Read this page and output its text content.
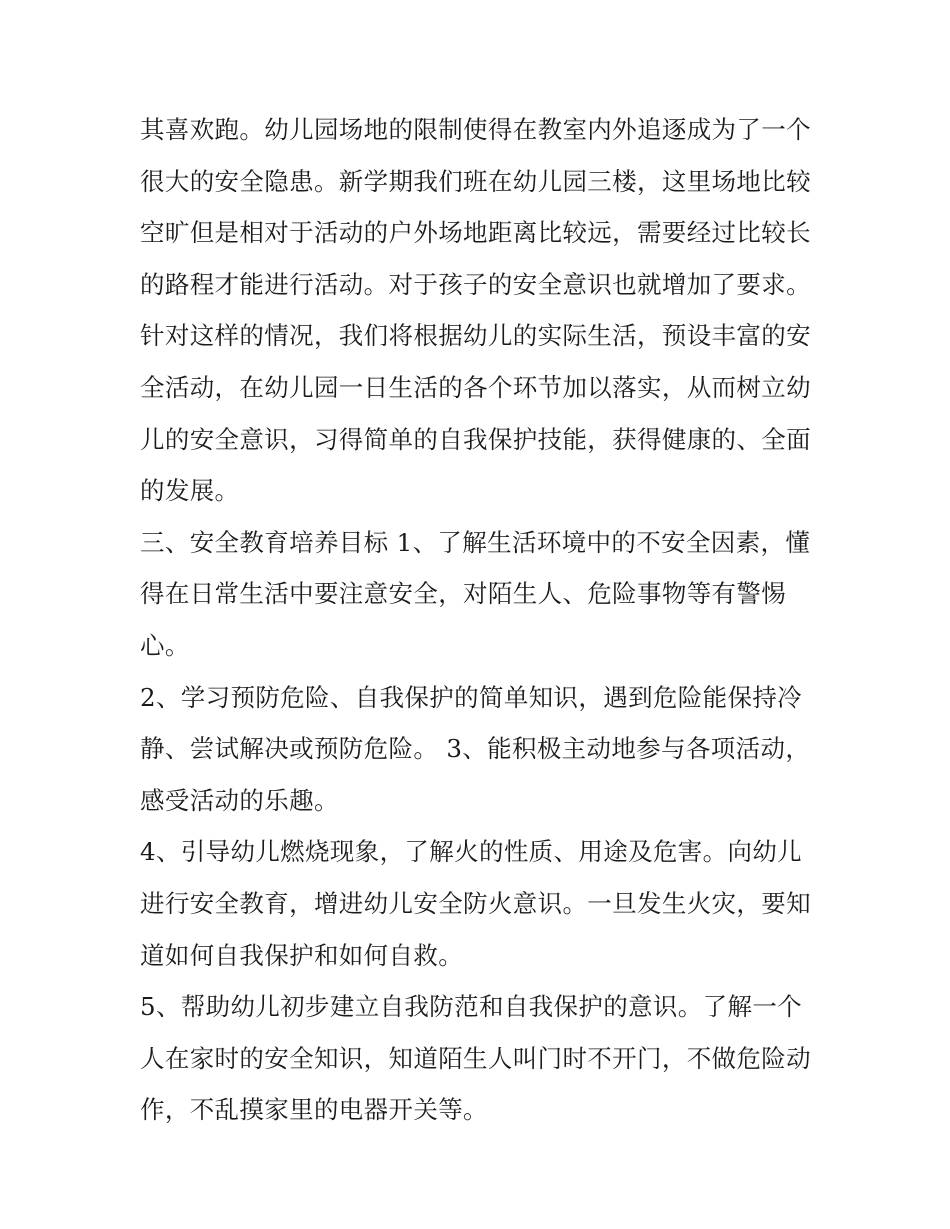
其喜欢跑。幼儿园场地的限制使得在教室内外追逐成为了一个
很大的安全隐患。新学期我们班在幼儿园三楼，这里场地比较
空旷但是相对于活动的户外场地距离比较远，需要经过比较长
的路程才能进行活动。对于孩子的安全意识也就增加了要求。
针对这样的情况，我们将根据幼儿的实际生活，预设丰富的安
全活动，在幼儿园一日生活的各个环节加以落实，从而树立幼
儿的安全意识，习得简单的自我保护技能，获得健康的、全面
的发展。
三、安全教育培养目标 1、了解生活环境中的不安全因素，懂
得在日常生活中要注意安全，对陌生人、危险事物等有警惕
心。
2、学习预防危险、自我保护的简单知识，遇到危险能保持冷
静、尝试解决或预防危险。 3、能积极主动地参与各项活动，
感受活动的乐趣。
4、引导幼儿燃烧现象，了解火的性质、用途及危害。向幼儿
进行安全教育，增进幼儿安全防火意识。一旦发生火灾，要知
道如何自我保护和如何自救。
5、帮助幼儿初步建立自我防范和自我保护的意识。了解一个
人在家时的安全知识，知道陌生人叫门时不开门，不做危险动
作，不乱摸家里的电器开关等。
